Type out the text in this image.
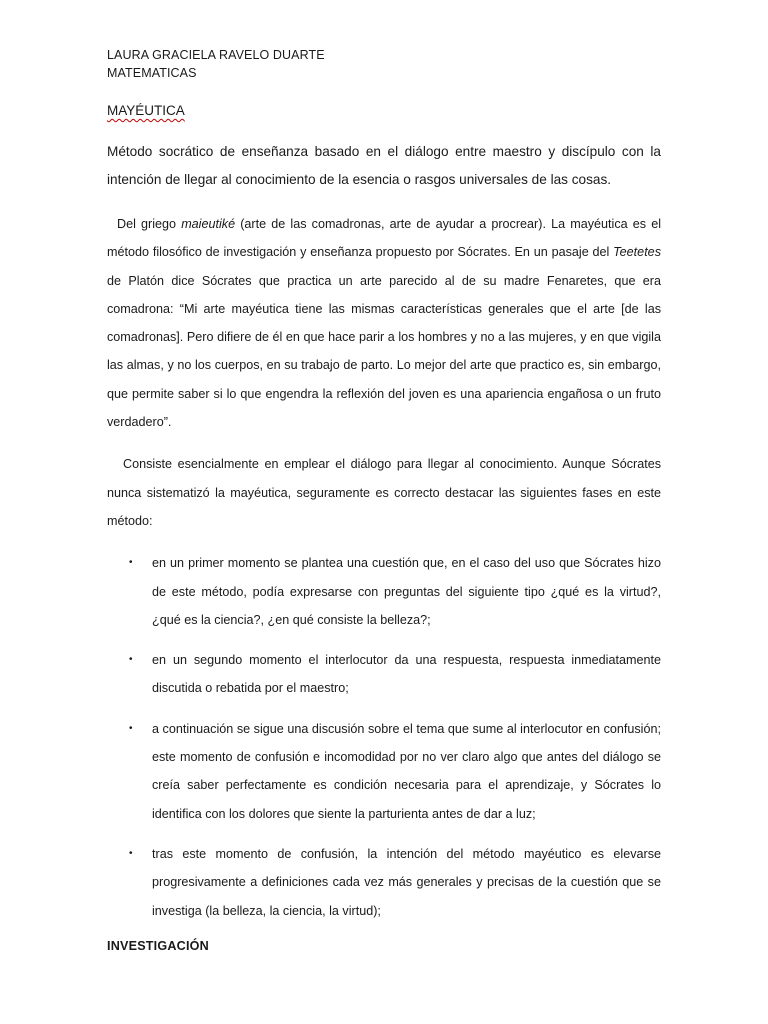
LAURA GRACIELA RAVELO DUARTE
MATEMATICAS
MAYÉUTICA
Método socrático de enseñanza basado en el diálogo entre maestro y discípulo con la intención de llegar al conocimiento de la esencia o rasgos universales de las cosas.

Del griego maieutiké (arte de las comadronas, arte de ayudar a procrear). La mayéutica es el método filosófico de investigación y enseñanza propuesto por Sócrates. En un pasaje del Teetetes de Platón dice Sócrates que practica un arte parecido al de su madre Fenaretes, que era comadrona: “Mi arte mayéutica tiene las mismas características generales que el arte [de las comadronas]. Pero difiere de él en que hace parir a los hombres y no a las mujeres, y en que vigila las almas, y no los cuerpos, en su trabajo de parto. Lo mejor del arte que practico es, sin embargo, que permite saber si lo que engendra la reflexión del joven es una apariencia engañosa o un fruto verdadero”.

Consiste esencialmente en emplear el diálogo para llegar al conocimiento. Aunque Sócrates nunca sistematizó la mayéutica, seguramente es correcto destacar las siguientes fases en este método:

• en un primer momento se plantea una cuestión que, en el caso del uso que Sócrates hizo de este método, podía expresarse con preguntas del siguiente tipo ¿qué es la virtud?, ¿qué es la ciencia?, ¿en qué consiste la belleza?;
• en un segundo momento el interlocutor da una respuesta, respuesta inmediatamente discutida o rebatida por el maestro;
• a continuación se sigue una discusión sobre el tema que sume al interlocutor en confusión; este momento de confusión e incomodidad por no ver claro algo que antes del diálogo se creía saber perfectamente es condición necesaria para el aprendizaje, y Sócrates lo identifica con los dolores que siente la parturienta antes de dar a luz;
• tras este momento de confusión, la intención del método mayéutico es elevarse progresivamente a definiciones cada vez más generales y precisas de la cuestión que se investiga (la belleza, la ciencia, la virtud);
INVESTIGACIÓN
